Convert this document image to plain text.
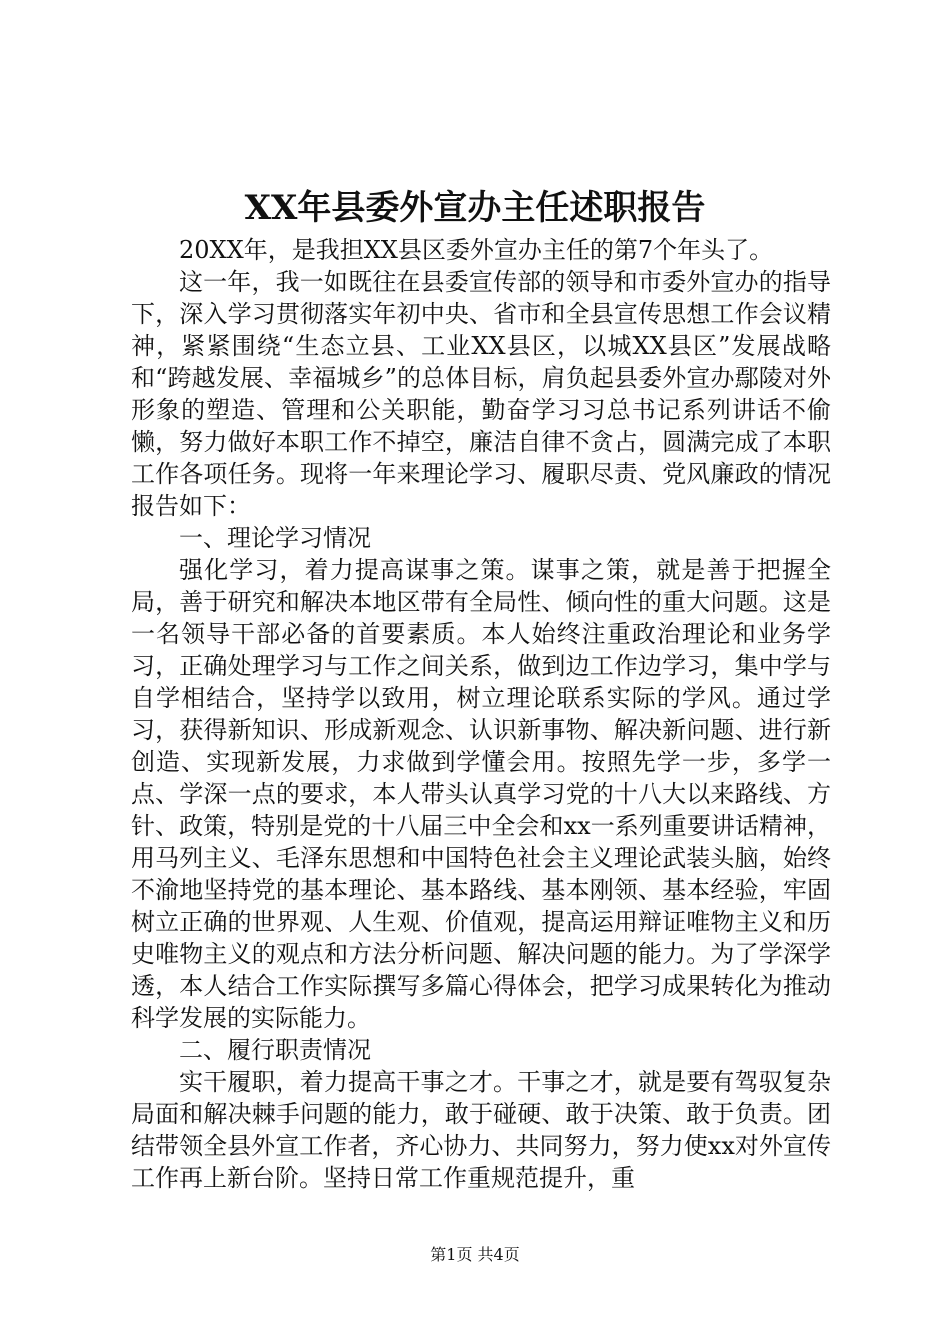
XX年县委外宣办主任述职报告

20XX年，是我担XX县区委外宣办主任的第7个年头了。

这一年，我一如既往在县委宣传部的领导和市委外宣办的指导下，深入学习贯彻落实年初中央、省市和全县宣传思想工作会议精神，紧紧围绕“生态立县、工业XX县区，以城XX县区”发展战略和“跨越发展、幸福城乡”的总体目标，肩负起县委外宣办鄢陵对外形象的塑造、管理和公关职能，勤奋学习习总书记系列讲话不偷懒，努力做好本职工作不掉空，廉洁自律不贪占，圆满完成了本职工作各项任务。现将一年来理论学习、履职尽责、党风廉政的情况报告如下：

一、理论学习情况

强化学习，着力提高谋事之策。谋事之策，就是善于把握全局，善于研究和解决本地区带有全局性、倾向性的重大问题。这是一名领导干部必备的首要素质。本人始终注重政治理论和业务学习，正确处理学习与工作之间关系，做到边工作边学习，集中学与自学相结合，坚持学以致用，树立理论联系实际的学风。通过学习，获得新知识、形成新观念、认识新事物、解决新问题、进行新创造、实现新发展，力求做到学懂会用。按照先学一步，多学一点、学深一点的要求，本人带头认真学习党的十八大以来路线、方针、政策，特别是党的十八届三中全会和xx一系列重要讲话精神，用马列主义、毛泽东思想和中国特色社会主义理论武装头脑，始终不渝地坚持党的基本理论、基本路线、基本刚领、基本经验，牢固树立正确的世界观、人生观、价值观，提高运用辩证唯物主义和历史唯物主义的观点和方法分析问题、解决问题的能力。为了学深学透，本人结合工作实际撰写多篇心得体会，把学习成果转化为推动科学发展的实际能力。

二、履行职责情况

实干履职，着力提高干事之才。干事之才，就是要有驾驭复杂局面和解决棘手问题的能力，敢于碰硬、敢于决策、敢于负责。团结带领全县外宣工作者，齐心协力、共同努力，努力使xx对外宣传工作再上新台阶。坚持日常工作重规范提升，重

第1页 共4页
